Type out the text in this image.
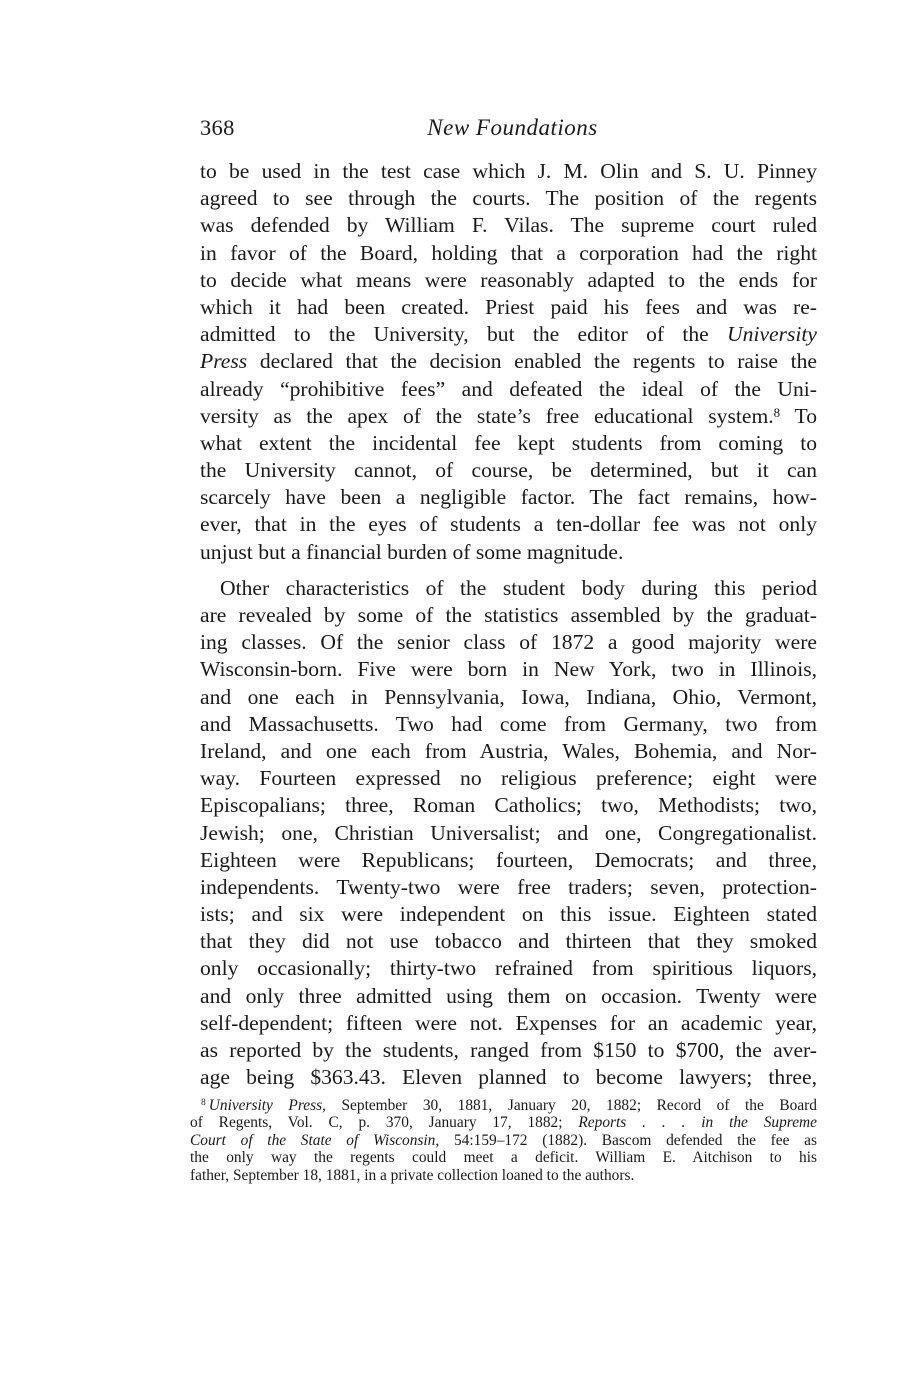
368	New Foundations
to be used in the test case which J. M. Olin and S. U. Pinney
agreed to see through the courts. The position of the regents
was defended by William F. Vilas. The supreme court ruled
in favor of the Board, holding that a corporation had the right
to decide what means were reasonably adapted to the ends for
which it had been created. Priest paid his fees and was re-
admitted to the University, but the editor of the University
Press declared that the decision enabled the regents to raise the
already “prohibitive fees” and defeated the ideal of the Uni-
versity as the apex of the state’s free educational system.$^8$ To
what extent the incidental fee kept students from coming to
the University cannot, of course, be determined, but it can
scarcely have been a negligible factor. The fact remains, how-
ever, that in the eyes of students a ten-dollar fee was not only
unjust but a financial burden of some magnitude.
Other characteristics of the student body during this period
are revealed by some of the statistics assembled by the graduat-
ing classes. Of the senior class of 1872 a good majority were
Wisconsin-born. Five were born in New York, two in Illinois,
and one each in Pennsylvania, Iowa, Indiana, Ohio, Vermont,
and Massachusetts. Two had come from Germany, two from
Ireland, and one each from Austria, Wales, Bohemia, and Nor-
way. Fourteen expressed no religious preference; eight were
Episcopalians; three, Roman Catholics; two, Methodists; two,
Jewish; one, Christian Universalist; and one, Congregationalist.
Eighteen were Republicans; fourteen, Democrats; and three,
independents. Twenty-two were free traders; seven, protection-
ists; and six were independent on this issue. Eighteen stated
that they did not use tobacco and thirteen that they smoked
only occasionally; thirty-two refrained from spiritious liquors,
and only three admitted using them on occasion. Twenty were
self-dependent; fifteen were not. Expenses for an academic year,
as reported by the students, ranged from $150 to $700, the aver-
age being $363.43. Eleven planned to become lawyers; three,
$^8$ University Press, September 30, 1881, January 20, 1882; Record of the Board
of Regents, Vol. C, p. 370, January 17, 1882; Reports . . . in the Supreme
Court of the State of Wisconsin, 54:159–172 (1882). Bascom defended the fee as
the only way the regents could meet a deficit. William E. Aitchison to his
father, September 18, 1881, in a private collection loaned to the authors.
